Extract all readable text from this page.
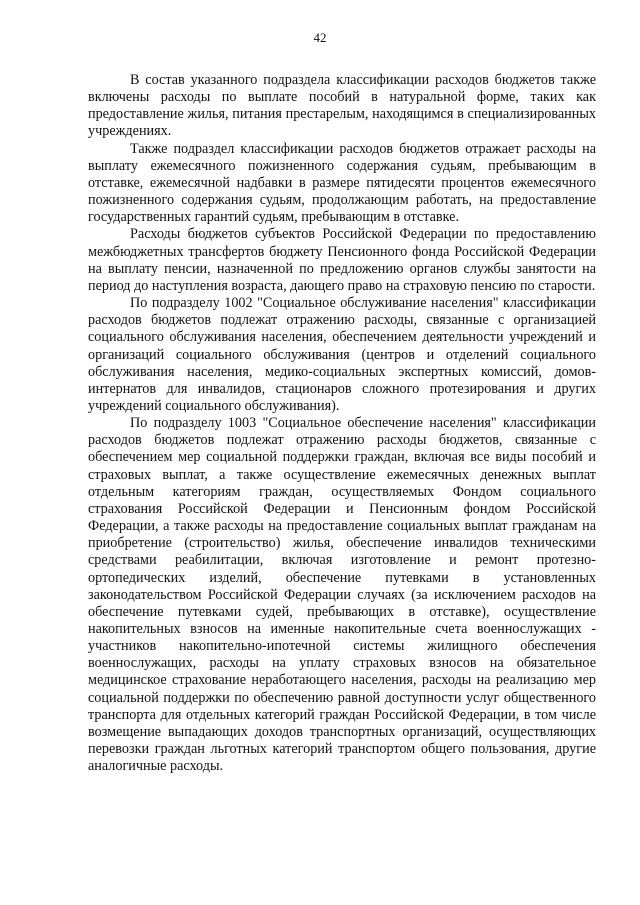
42

В состав указанного подраздела классификации расходов бюджетов также включены расходы по выплате пособий в натуральной форме, таких как предоставление жилья, питания престарелым, находящимся в специализированных учреждениях.

Также подраздел классификации расходов бюджетов отражает расходы на выплату ежемесячного пожизненного содержания судьям, пребывающим в отставке, ежемесячной надбавки в размере пятидесяти процентов ежемесячного пожизненного содержания судьям, продолжающим работать, на предоставление государственных гарантий судьям, пребывающим в отставке.

Расходы бюджетов субъектов Российской Федерации по предоставлению межбюджетных трансфертов бюджету Пенсионного фонда Российской Федерации на выплату пенсии, назначенной по предложению органов службы занятости на период до наступления возраста, дающего право на страховую пенсию по старости.

По подразделу 1002 "Социальное обслуживание населения" классификации расходов бюджетов подлежат отражению расходы, связанные с организацией социального обслуживания населения, обеспечением деятельности учреждений и организаций социального обслуживания (центров и отделений социального обслуживания населения, медико-социальных экспертных комиссий, домов-интернатов для инвалидов, стационаров сложного протезирования и других учреждений социального обслуживания).

По подразделу 1003 "Социальное обеспечение населения" классификации расходов бюджетов подлежат отражению расходы бюджетов, связанные с обеспечением мер социальной поддержки граждан, включая все виды пособий и страховых выплат, а также осуществление ежемесячных денежных выплат отдельным категориям граждан, осуществляемых Фондом социального страхования Российской Федерации и Пенсионным фондом Российской Федерации, а также расходы на предоставление социальных выплат гражданам на приобретение (строительство) жилья, обеспечение инвалидов техническими средствами реабилитации, включая изготовление и ремонт протезно-ортопедических изделий, обеспечение путевками в установленных законодательством Российской Федерации случаях (за исключением расходов на обеспечение путевками судей, пребывающих в отставке), осуществление накопительных взносов на именные накопительные счета военнослужащих - участников накопительно-ипотечной системы жилищного обеспечения военнослужащих, расходы на уплату страховых взносов на обязательное медицинское страхование неработающего населения, расходы на реализацию мер социальной поддержки по обеспечению равной доступности услуг общественного транспорта для отдельных категорий граждан Российской Федерации, в том числе возмещение выпадающих доходов транспортных организаций, осуществляющих перевозки граждан льготных категорий транспортом общего пользования, другие аналогичные расходы.
